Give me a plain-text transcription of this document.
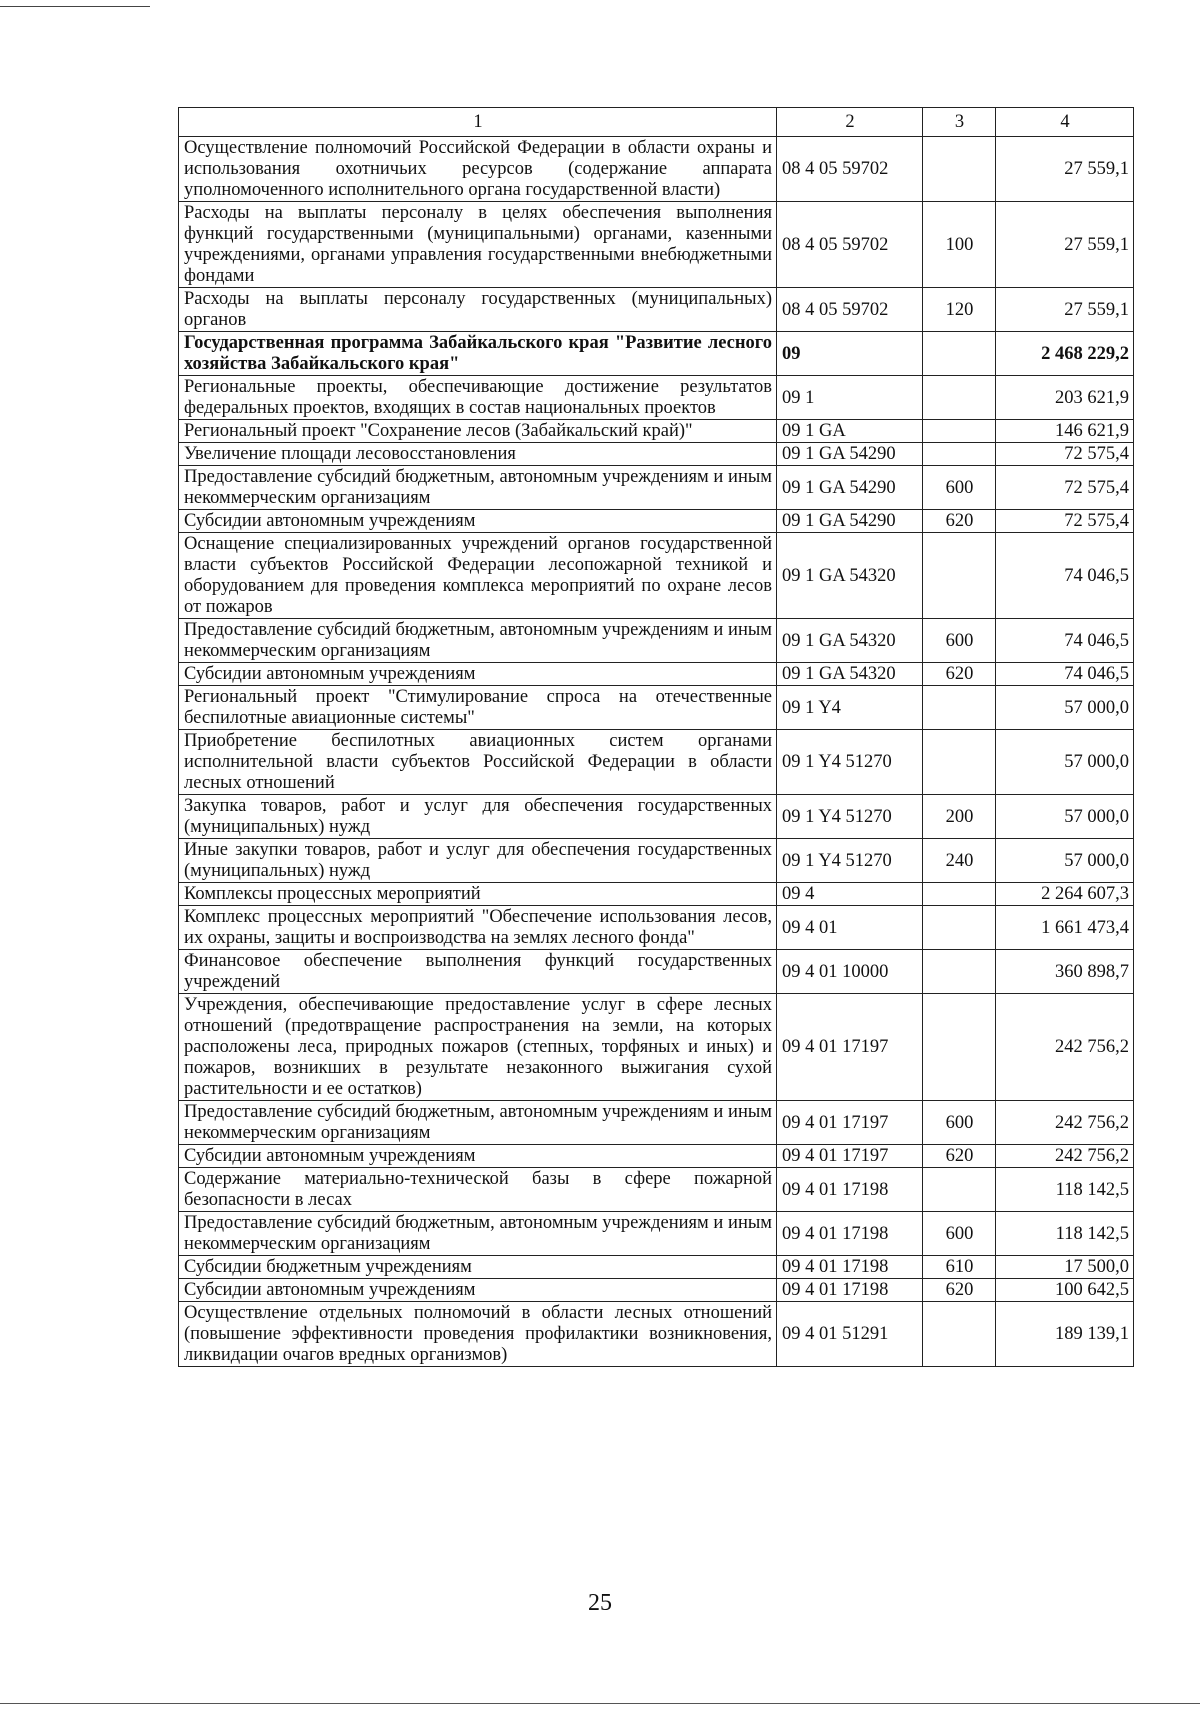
1	2	3	4
Осуществление полномочий Российской Федерации в области охраны и использования охотничьих ресурсов (содержание аппарата уполномоченного исполнительного органа государственной власти)	08 4 05 59702		27 559,1
Расходы на выплаты персоналу в целях обеспечения выполнения функций государственными (муниципальными) органами, казенными учреждениями, органами управления государственными внебюджетными фондами	08 4 05 59702	100	27 559,1
Расходы на выплаты персоналу государственных (муниципальных) органов	08 4 05 59702	120	27 559,1
Государственная программа Забайкальского края "Развитие лесного хозяйства Забайкальского края"	09		2 468 229,2
Региональные проекты, обеспечивающие достижение результатов федеральных проектов, входящих в состав национальных проектов	09 1		203 621,9
Региональный проект "Сохранение лесов (Забайкальский край)"	09 1 GA		146 621,9
Увеличение площади лесовосстановления	09 1 GA 54290		72 575,4
Предоставление субсидий бюджетным, автономным учреждениям и иным некоммерческим организациям	09 1 GA 54290	600	72 575,4
Субсидии автономным учреждениям	09 1 GA 54290	620	72 575,4
Оснащение специализированных учреждений органов государственной власти субъектов Российской Федерации лесопожарной техникой и оборудованием для проведения комплекса мероприятий по охране лесов от пожаров	09 1 GA 54320		74 046,5
Предоставление субсидий бюджетным, автономным учреждениям и иным некоммерческим организациям	09 1 GA 54320	600	74 046,5
Субсидии автономным учреждениям	09 1 GA 54320	620	74 046,5
Региональный проект "Стимулирование спроса на отечественные беспилотные авиационные системы"	09 1 Y4		57 000,0
Приобретение беспилотных авиационных систем органами исполнительной власти субъектов Российской Федерации в области лесных отношений	09 1 Y4 51270		57 000,0
Закупка товаров, работ и услуг для обеспечения государственных (муниципальных) нужд	09 1 Y4 51270	200	57 000,0
Иные закупки товаров, работ и услуг для обеспечения государственных (муниципальных) нужд	09 1 Y4 51270	240	57 000,0
Комплексы процессных мероприятий	09 4		2 264 607,3
Комплекс процессных мероприятий "Обеспечение использования лесов, их охраны, защиты и воспроизводства на землях лесного фонда"	09 4 01		1 661 473,4
Финансовое обеспечение выполнения функций государственных учреждений	09 4 01 10000		360 898,7
Учреждения, обеспечивающие предоставление услуг в сфере лесных отношений (предотвращение распространения на земли, на которых расположены леса, природных пожаров (степных, торфяных и иных) и пожаров, возникших в результате незаконного выжигания сухой растительности и ее остатков)	09 4 01 17197		242 756,2
Предоставление субсидий бюджетным, автономным учреждениям и иным некоммерческим организациям	09 4 01 17197	600	242 756,2
Субсидии автономным учреждениям	09 4 01 17197	620	242 756,2
Содержание материально-технической базы в сфере пожарной безопасности в лесах	09 4 01 17198		118 142,5
Предоставление субсидий бюджетным, автономным учреждениям и иным некоммерческим организациям	09 4 01 17198	600	118 142,5
Субсидии бюджетным учреждениям	09 4 01 17198	610	17 500,0
Субсидии автономным учреждениям	09 4 01 17198	620	100 642,5
Осуществление отдельных полномочий в области лесных отношений (повышение эффективности проведения профилактики возникновения, ликвидации очагов вредных организмов)	09 4 01 51291		189 139,1
25
